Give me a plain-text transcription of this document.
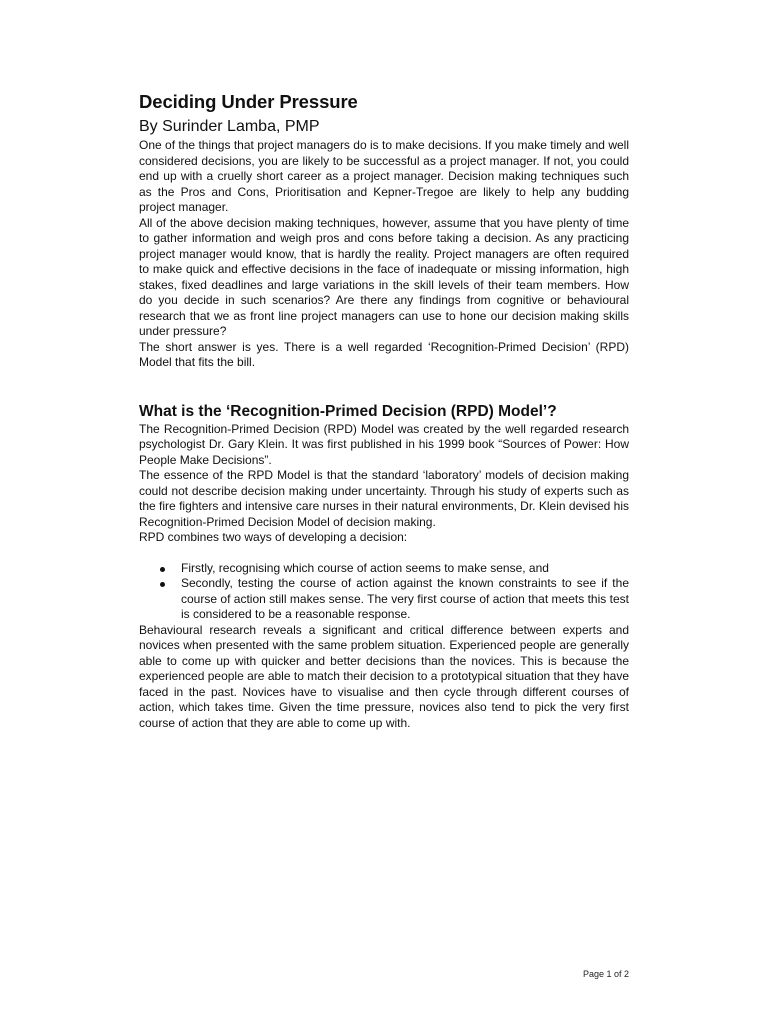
Deciding Under Pressure
By Surinder Lamba, PMP

One of the things that project managers do is to make decisions. If you make timely and well considered decisions, you are likely to be successful as a project manager. If not, you could end up with a cruelly short career as a project manager. Decision making techniques such as the Pros and Cons, Prioritisation and Kepner-Tregoe are likely to help any budding project manager.

All of the above decision making techniques, however, assume that you have plenty of time to gather information and weigh pros and cons before taking a decision. As any practicing project manager would know, that is hardly the reality. Project managers are often required to make quick and effective decisions in the face of inadequate or missing information, high stakes, fixed deadlines and large variations in the skill levels of their team members. How do you decide in such scenarios? Are there any findings from cognitive or behavioural research that we as front line project managers can use to hone our decision making skills under pressure?

The short answer is yes. There is a well regarded ‘Recognition-Primed Decision’ (RPD) Model that fits the bill.

What is the ‘Recognition-Primed Decision (RPD) Model’?

The Recognition-Primed Decision (RPD) Model was created by the well regarded research psychologist Dr. Gary Klein. It was first published in his 1999 book “Sources of Power: How People Make Decisions”.

The essence of the RPD Model is that the standard ‘laboratory’ models of decision making could not describe decision making under uncertainty. Through his study of experts such as the fire fighters and intensive care nurses in their natural environments, Dr. Klein devised his Recognition-Primed Decision Model of decision making.

RPD combines two ways of developing a decision:

Firstly, recognising which course of action seems to make sense, and
Secondly, testing the course of action against the known constraints to see if the course of action still makes sense. The very first course of action that meets this test is considered to be a reasonable response.

Behavioural research reveals a significant and critical difference between experts and novices when presented with the same problem situation. Experienced people are generally able to come up with quicker and better decisions than the novices. This is because the experienced people are able to match their decision to a prototypical situation that they have faced in the past. Novices have to visualise and then cycle through different courses of action, which takes time. Given the time pressure, novices also tend to pick the very first course of action that they are able to come up with.

Page 1 of 2
